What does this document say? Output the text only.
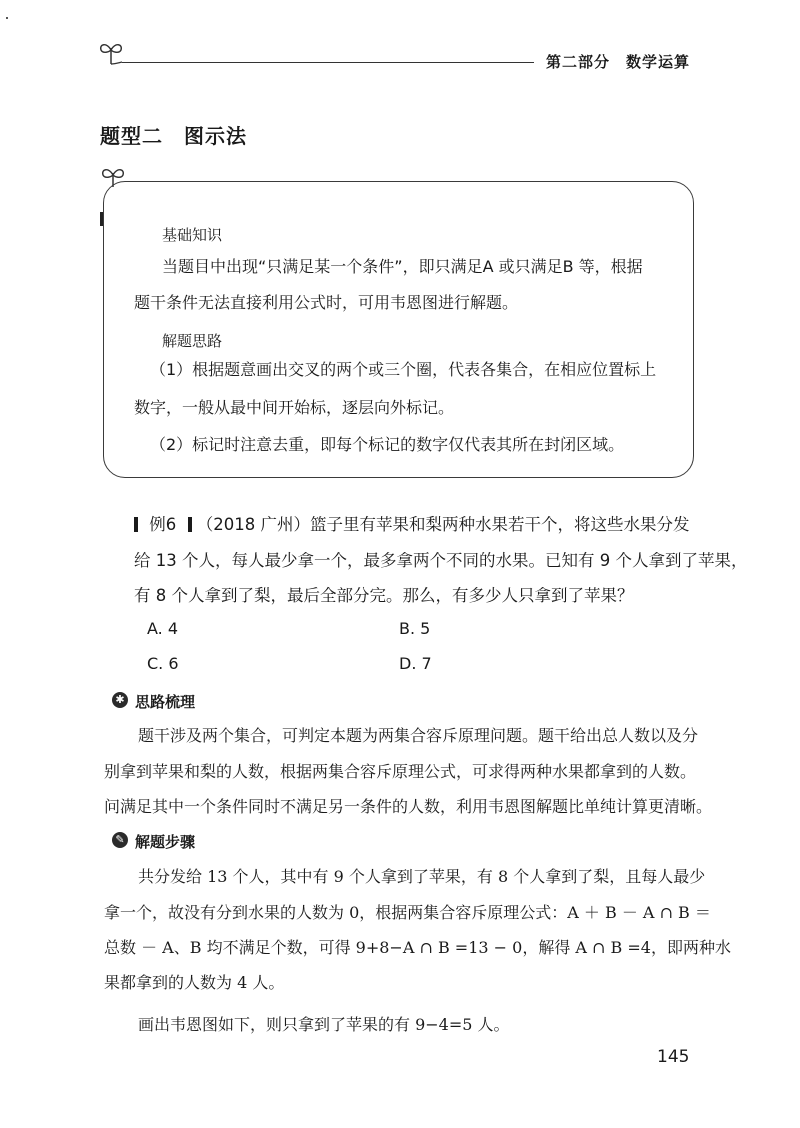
第二部分　数学运算
题型二　图示法
基础知识
当题目中出现“只满足某一个条件”，即只满足A 或只满足B 等，根据
题干条件无法直接利用公式时，可用韦恩图进行解题。
解题思路
（1）根据题意画出交叉的两个或三个圈，代表各集合，在相应位置标上
数字，一般从最中间开始标，逐层向外标记。
（2）标记时注意去重，即每个标记的数字仅代表其所在封闭区域。
例6 （2018 广州）篮子里有苹果和梨两种水果若干个，将这些水果分发
给 13 个人，每人最少拿一个，最多拿两个不同的水果。已知有 9 个人拿到了苹果，
有 8 个人拿到了梨，最后全部分完。那么，有多少人只拿到了苹果？
A. 4	B. 5
C. 6	D. 7
✱ 思路梳理
题干涉及两个集合，可判定本题为两集合容斥原理问题。题干给出总人数以及分
别拿到苹果和梨的人数，根据两集合容斥原理公式，可求得两种水果都拿到的人数。
问满足其中一个条件同时不满足另一条件的人数，利用韦恩图解题比单纯计算更清晰。
✎ 解题步骤
共分发给 13 个人，其中有 9 个人拿到了苹果，有 8 个人拿到了梨，且每人最少
拿一个，故没有分到水果的人数为 0，根据两集合容斥原理公式：A ＋ B － A ∩ B ＝
总数 － A、B 均不满足个数，可得 9+8−A ∩ B =13 − 0，解得 A ∩ B =4，即两种水
果都拿到的人数为 4 人。
画出韦恩图如下，则只拿到了苹果的有 9−4=5 人。
145
